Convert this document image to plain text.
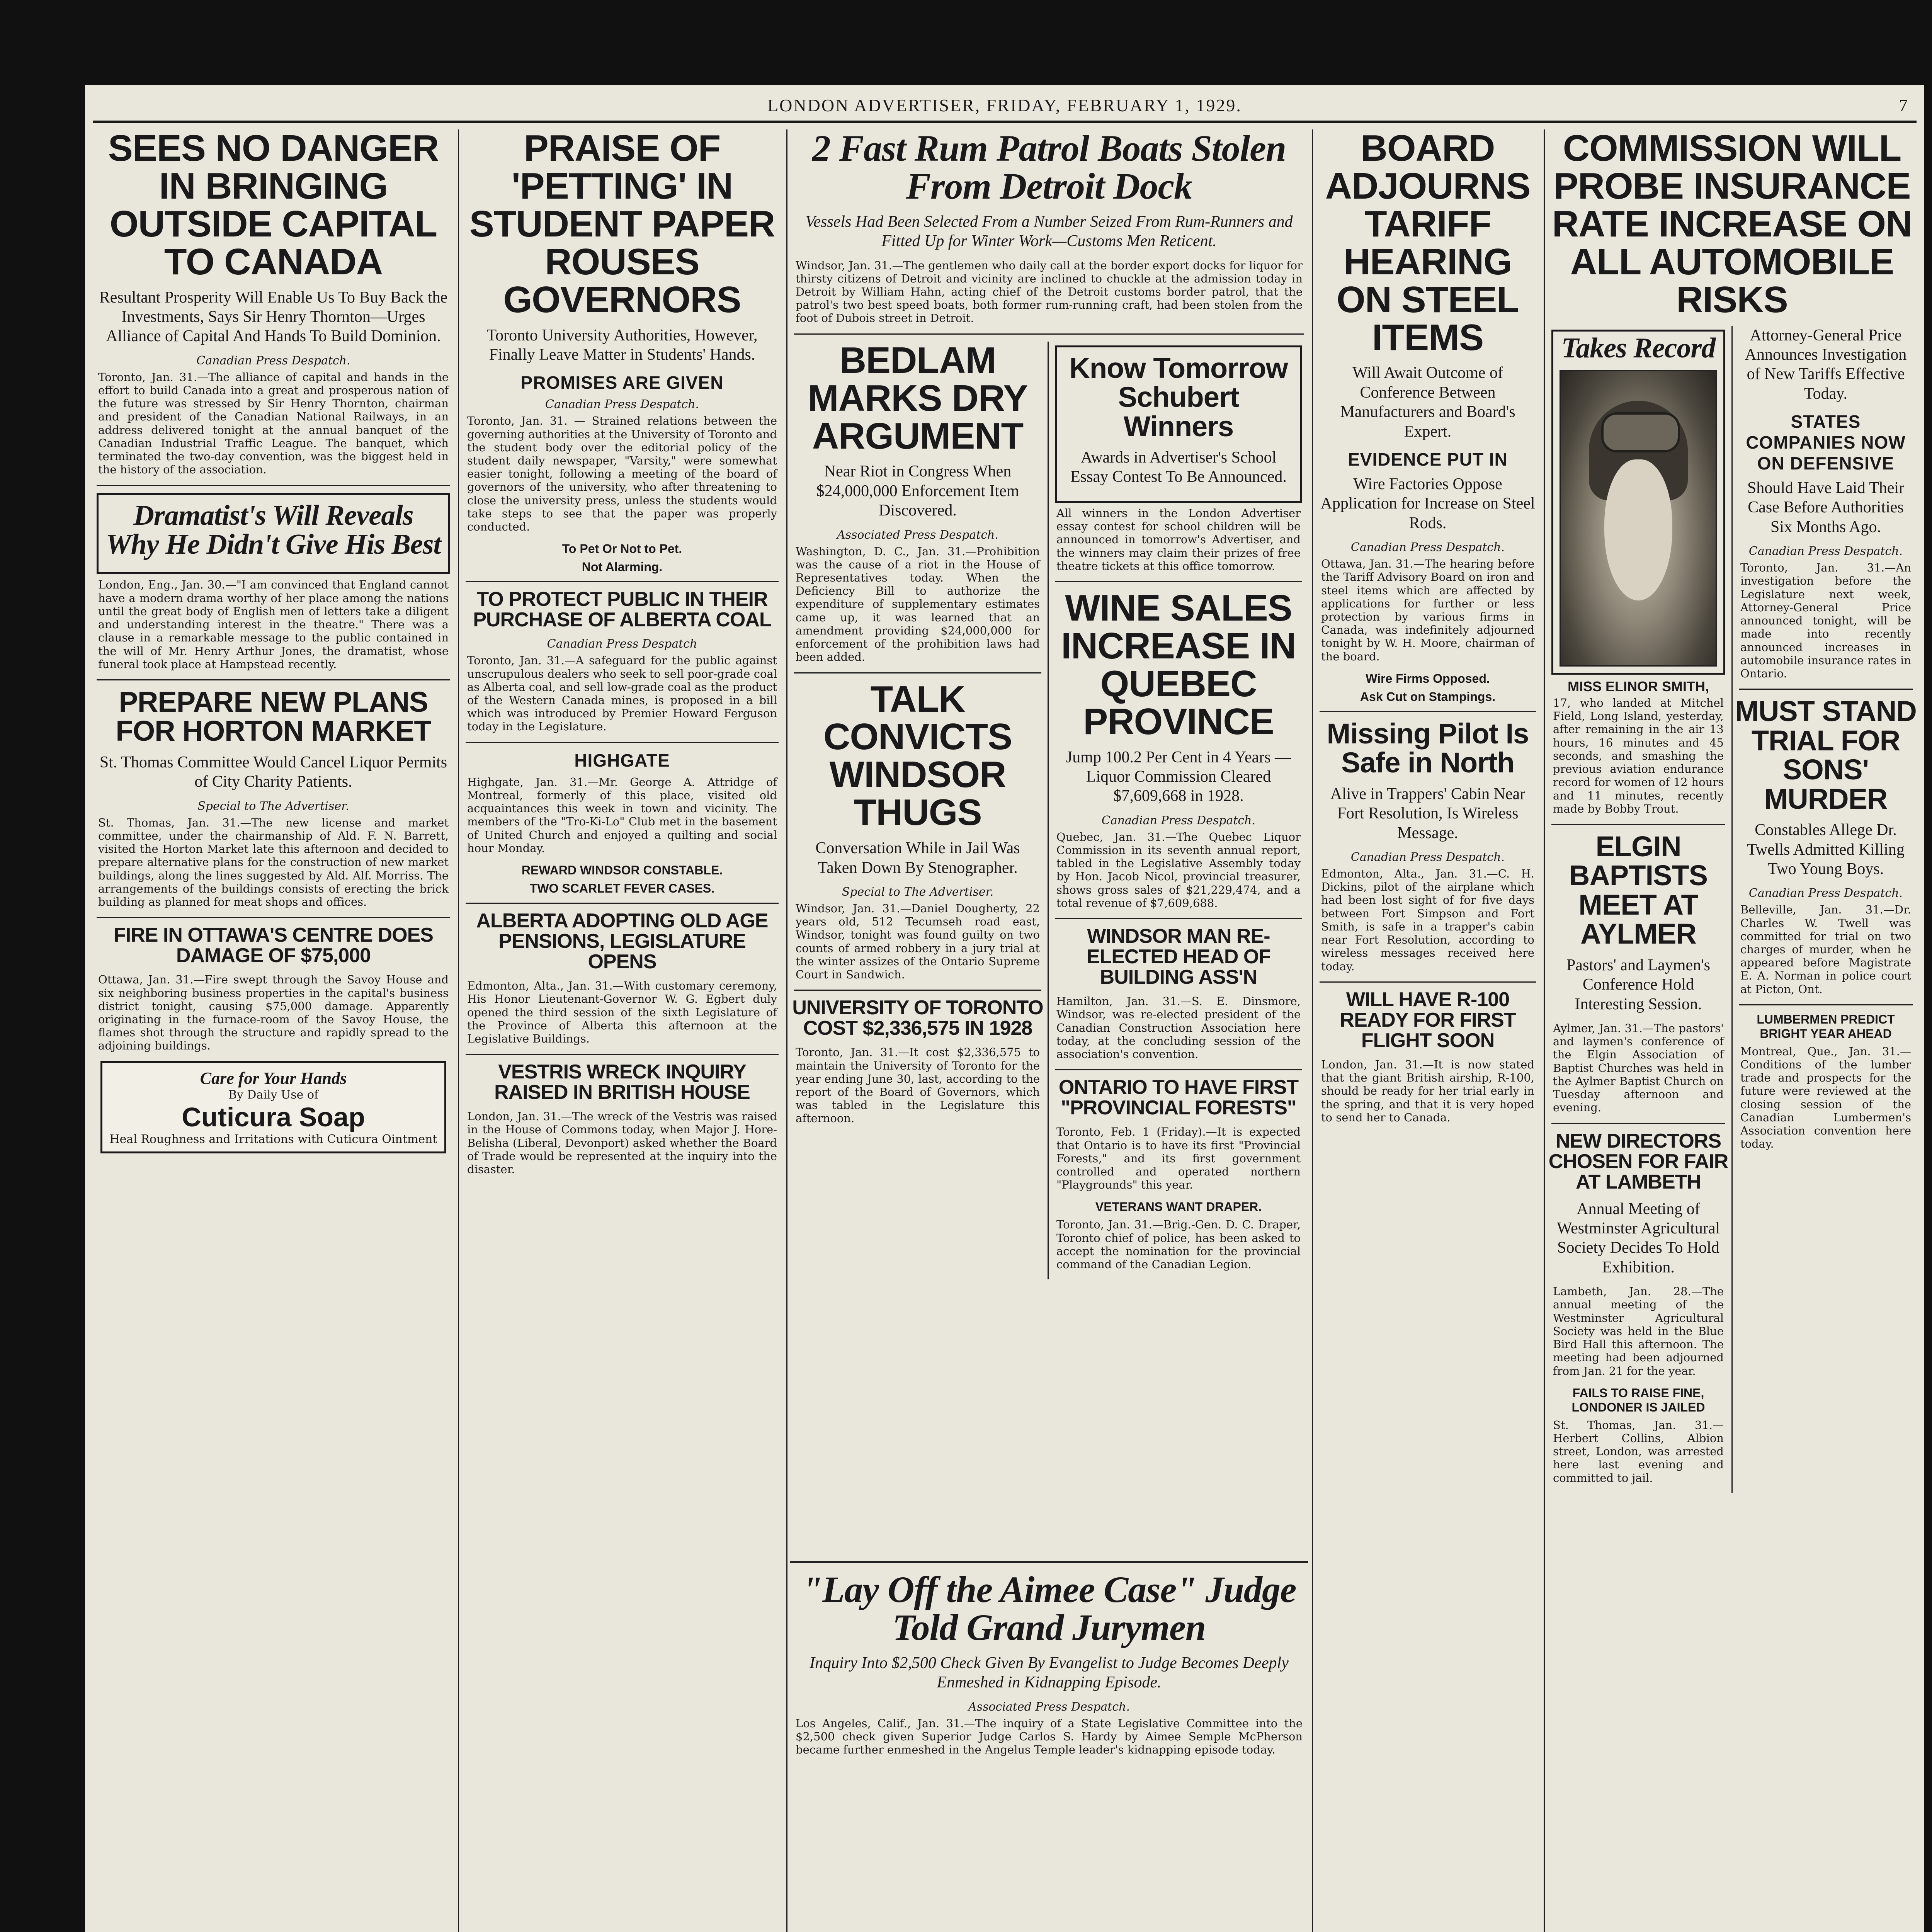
LONDON ADVERTISER, FRIDAY, FEBRUARY 1, 1929.	7
SEES NO DANGER IN BRINGING OUTSIDE CAPITAL TO CANADA
Resultant Prosperity Will Enable Us To Buy Back the Investments, Says Sir Henry Thornton—Urges Alliance of Capital And Hands To Build Dominion.
Canadian Press Despatch.
Toronto, Jan. 31.—The alliance of capital and hands in the effort to build Canada into a great and prosperous nation of the future was stressed by Sir Henry Thornton, chairman and president of the Canadian National Railways, in an address delivered tonight at the annual banquet of the Canadian Industrial Traffic League. The banquet, which terminated the two-day convention, was the biggest held in the history of the association.
Dramatist's Will Reveals Why He Didn't Give His Best
London, Eng., Jan. 30.—"I am convinced that England cannot have a modern drama worthy of her place among the nations until the great body of English men of letters take a diligent and understanding interest in the theatre." There was a clause in a remarkable message to the public contained in the will of Mr. Henry Arthur Jones, the dramatist, whose funeral took place at Hampstead recently.
PREPARE NEW PLANS FOR HORTON MARKET
St. Thomas Committee Would Cancel Liquor Permits of City Charity Patients.
Special to The Advertiser.
St. Thomas, Jan. 31.—The new license and market committee, under the chairmanship of Ald. F. N. Barrett, visited the Horton Market late this afternoon and decided to prepare alternative plans for the construction of new market buildings, along the lines suggested by Ald. Alf. Morriss. The arrangements of the buildings consists of erecting the brick building as planned for meat shops and offices.
FIRE IN OTTAWA'S CENTRE DOES DAMAGE OF $75,000
Ottawa, Jan. 31.—Fire swept through the Savoy House and six neighboring business properties in the capital's business district tonight, causing $75,000 damage. Apparently originating in the furnace-room of the Savoy House, the flames shot through the structure and rapidly spread to the adjoining buildings.
Care for Your Hands
By Daily Use of
Cuticura Soap
Heal Roughness and Irritations with Cuticura Ointment
PRAISE OF 'PETTING' IN STUDENT PAPER ROUSES GOVERNORS
Toronto University Authorities, However, Finally Leave Matter in Students' Hands.
PROMISES ARE GIVEN
Canadian Press Despatch.
Toronto, Jan. 31. — Strained relations between the governing authorities at the University of Toronto and the student body over the editorial policy of the student daily newspaper, "Varsity," were somewhat easier tonight, following a meeting of the board of governors of the university, who after threatening to close the university press, unless the students would take steps to see that the paper was properly conducted.
To Pet Or Not to Pet.
Not Alarming.
TO PROTECT PUBLIC IN THEIR PURCHASE OF ALBERTA COAL
Canadian Press Despatch
Toronto, Jan. 31.—A safeguard for the public against unscrupulous dealers who seek to sell poor-grade coal as Alberta coal, and sell low-grade coal as the product of the Western Canada mines, is proposed in a bill which was introduced by Premier Howard Ferguson today in the Legislature.
HIGHGATE
Highgate, Jan. 31.—Mr. George A. Attridge of Montreal, formerly of this place, visited old acquaintances this week in town and vicinity. The members of the "Tro-Ki-Lo" Club met in the basement of United Church and enjoyed a quilting and social hour Monday.
REWARD WINDSOR CONSTABLE.
TWO SCARLET FEVER CASES.
ALBERTA ADOPTING OLD AGE PENSIONS, LEGISLATURE OPENS
Edmonton, Alta., Jan. 31.—With customary ceremony, His Honor Lieutenant-Governor W. G. Egbert duly opened the third session of the sixth Legislature of the Province of Alberta this afternoon at the Legislative Buildings.
VESTRIS WRECK INQUIRY RAISED IN BRITISH HOUSE
London, Jan. 31.—The wreck of the Vestris was raised in the House of Commons today, when Major J. Hore-Belisha (Liberal, Devonport) asked whether the Board of Trade would be represented at the inquiry into the disaster.
2 Fast Rum Patrol Boats Stolen From Detroit Dock
Vessels Had Been Selected From a Number Seized From Rum-Runners and Fitted Up for Winter Work—Customs Men Reticent.
Windsor, Jan. 31.—The gentlemen who daily call at the border export docks for liquor for thirsty citizens of Detroit and vicinity are inclined to chuckle at the admission today in Detroit by William Hahn, acting chief of the Detroit customs border patrol, that the patrol's two best speed boats, both former rum-running craft, had been stolen from the foot of Dubois street in Detroit.
BEDLAM MARKS DRY ARGUMENT
Near Riot in Congress When $24,000,000 Enforcement Item Discovered.
Associated Press Despatch.
Washington, D. C., Jan. 31.—Prohibition was the cause of a riot in the House of Representatives today. When the Deficiency Bill to authorize the expenditure of supplementary estimates came up, it was learned that an amendment providing $24,000,000 for enforcement of the prohibition laws had been added.
TALK CONVICTS WINDSOR THUGS
Conversation While in Jail Was Taken Down By Stenographer.
Special to The Advertiser.
Windsor, Jan. 31.—Daniel Dougherty, 22 years old, 512 Tecumseh road east, Windsor, tonight was found guilty on two counts of armed robbery in a jury trial at the winter assizes of the Ontario Supreme Court in Sandwich.
UNIVERSITY OF TORONTO COST $2,336,575 IN 1928
Toronto, Jan. 31.—It cost $2,336,575 to maintain the University of Toronto for the year ending June 30, last, according to the report of the Board of Governors, which was tabled in the Legislature this afternoon.
Know Tomorrow Schubert Winners
Awards in Advertiser's School Essay Contest To Be Announced.
All winners in the London Advertiser essay contest for school children will be announced in tomorrow's Advertiser, and the winners may claim their prizes of free theatre tickets at this office tomorrow.
WINE SALES INCREASE IN QUEBEC PROVINCE
Jump 100.2 Per Cent in 4 Years —Liquor Commission Cleared $7,609,668 in 1928.
Canadian Press Despatch.
Quebec, Jan. 31.—The Quebec Liquor Commission in its seventh annual report, tabled in the Legislative Assembly today by Hon. Jacob Nicol, provincial treasurer, shows gross sales of $21,229,474, and a total revenue of $7,609,688.
WINDSOR MAN RE-ELECTED HEAD OF BUILDING ASS'N
Hamilton, Jan. 31.—S. E. Dinsmore, Windsor, was re-elected president of the Canadian Construction Association here today, at the concluding session of the association's convention.
ONTARIO TO HAVE FIRST "PROVINCIAL FORESTS"
Toronto, Feb. 1 (Friday).—It is expected that Ontario is to have its first "Provincial Forests," and its first government controlled and operated northern "Playgrounds" this year.
VETERANS WANT DRAPER.
Toronto, Jan. 31.—Brig.-Gen. D. C. Draper, Toronto chief of police, has been asked to accept the nomination for the provincial command of the Canadian Legion.
"Lay Off the Aimee Case" Judge Told Grand Jurymen
Inquiry Into $2,500 Check Given By Evangelist to Judge Becomes Deeply Enmeshed in Kidnapping Episode.
Associated Press Despatch.
Los Angeles, Calif., Jan. 31.—The inquiry of a State Legislative Committee into the $2,500 check given Superior Judge Carlos S. Hardy by Aimee Semple McPherson became further enmeshed in the Angelus Temple leader's kidnapping episode today.
BOARD ADJOURNS TARIFF HEARING ON STEEL ITEMS
Will Await Outcome of Conference Between Manufacturers and Board's Expert.
EVIDENCE PUT IN
Wire Factories Oppose Application for Increase on Steel Rods.
Canadian Press Despatch.
Ottawa, Jan. 31.—The hearing before the Tariff Advisory Board on iron and steel items which are affected by applications for further or less protection by various firms in Canada, was indefinitely adjourned tonight by W. H. Moore, chairman of the board.
Wire Firms Opposed.
Ask Cut on Stampings.
Missing Pilot Is Safe in North
Alive in Trappers' Cabin Near Fort Resolution, Is Wireless Message.
Canadian Press Despatch.
Edmonton, Alta., Jan. 31.—C. H. Dickins, pilot of the airplane which had been lost sight of for five days between Fort Simpson and Fort Smith, is safe in a trapper's cabin near Fort Resolution, according to wireless messages received here today.
WILL HAVE R-100 READY FOR FIRST FLIGHT SOON
London, Jan. 31.—It is now stated that the giant British airship, R-100, should be ready for her trial early in the spring, and that it is very hoped to send her to Canada.
COMMISSION WILL PROBE INSURANCE RATE INCREASE ON ALL AUTOMOBILE RISKS
Takes Record
MISS ELINOR SMITH,
17, who landed at Mitchel Field, Long Island, yesterday, after remaining in the air 13 hours, 16 minutes and 45 seconds, and smashing the previous aviation endurance record for women of 12 hours and 11 minutes, recently made by Bobby Trout.
ELGIN BAPTISTS MEET AT AYLMER
Pastors' and Laymen's Conference Hold Interesting Session.
Aylmer, Jan. 31.—The pastors' and laymen's conference of the Elgin Association of Baptist Churches was held in the Aylmer Baptist Church on Tuesday afternoon and evening.
NEW DIRECTORS CHOSEN FOR FAIR AT LAMBETH
Annual Meeting of Westminster Agricultural Society Decides To Hold Exhibition.
Lambeth, Jan. 28.—The annual meeting of the Westminster Agricultural Society was held in the Blue Bird Hall this afternoon. The meeting had been adjourned from Jan. 21 for the year.
FAILS TO RAISE FINE, LONDONER IS JAILED
St. Thomas, Jan. 31.—Herbert Collins, Albion street, London, was arrested here last evening and committed to jail.
Attorney-General Price Announces Investigation of New Tariffs Effective Today.
STATES COMPANIES NOW ON DEFENSIVE
Should Have Laid Their Case Before Authorities Six Months Ago.
Canadian Press Despatch.
Toronto, Jan. 31.—An investigation before the Legislature next week, Attorney-General Price announced tonight, will be made into recently announced increases in automobile insurance rates in Ontario.
MUST STAND TRIAL FOR SONS' MURDER
Constables Allege Dr. Twells Admitted Killing Two Young Boys.
Canadian Press Despatch.
Belleville, Jan. 31.—Dr. Charles W. Twell was committed for trial on two charges of murder, when he appeared before Magistrate E. A. Norman in police court at Picton, Ont.
LUMBERMEN PREDICT BRIGHT YEAR AHEAD
Montreal, Que., Jan. 31.—Conditions of the lumber trade and prospects for the future were reviewed at the closing session of the Canadian Lumbermen's Association convention here today.
